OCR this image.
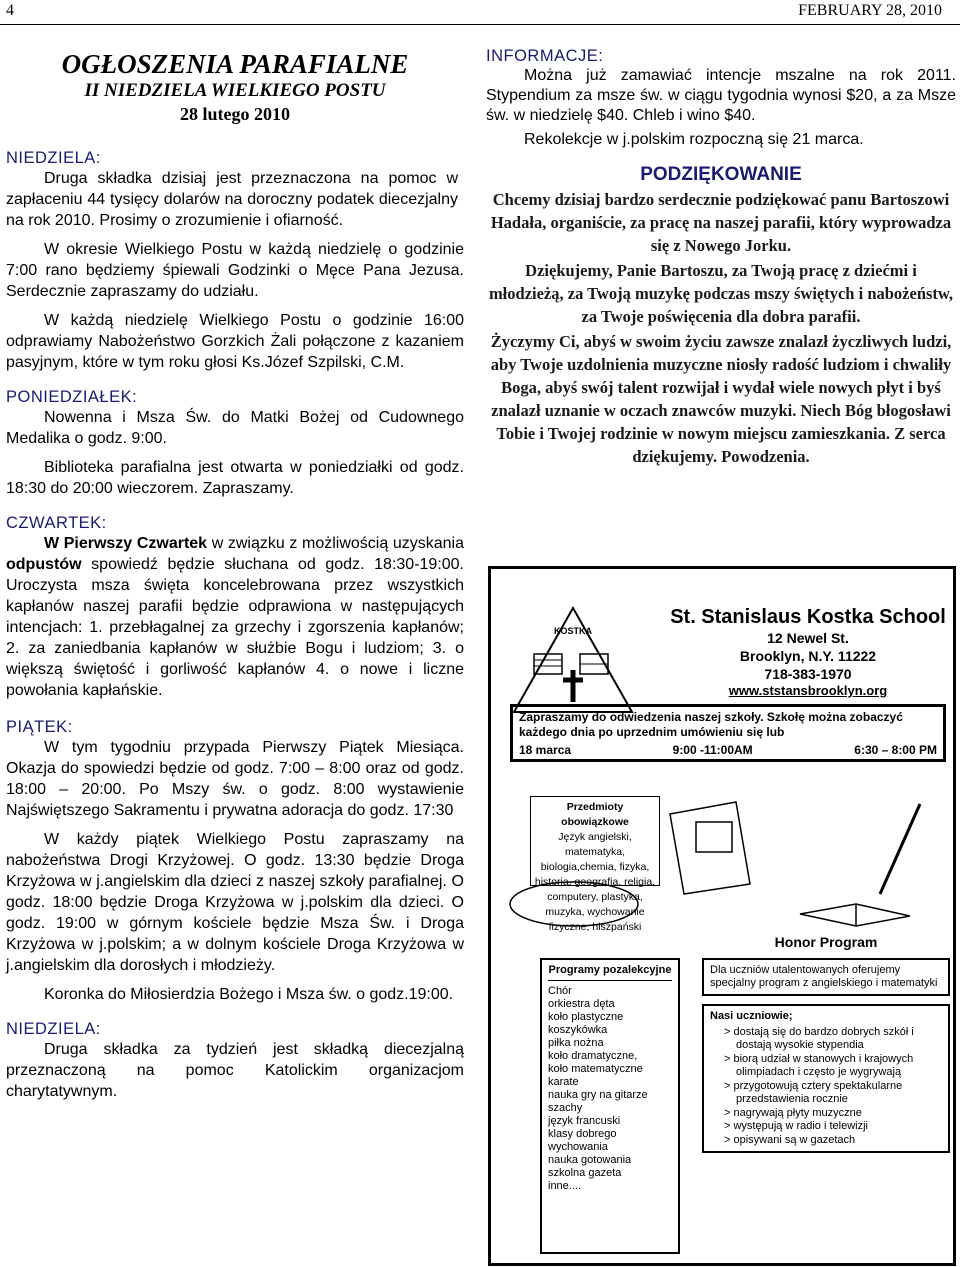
4	FEBRUARY 28, 2010
OGŁOSZENIA PARAFIALNE
II NIEDZIELA WIELKIEGO POSTU
28 lutego 2010
NIEDZIELA:

Druga składka dzisiaj jest przeznaczona na pomoc w zapłaceniu 44 tysięcy dolarów na doroczny podatek diecezjalny na rok 2010. Prosimy o zrozumienie i ofiarność.

W okresie Wielkiego Postu w każdą niedzielę o godzinie 7:00 rano będziemy śpiewali Godzinki o Męce Pana Jezusa. Serdecznie zapraszamy do udziału.

W każdą niedzielę Wielkiego Postu o godzinie 16:00 odprawiamy Nabożeństwo Gorzkich Żali połączone z kazaniem pasyjnym, które w tym roku głosi Ks.Józef Szpilski, C.M.

PONIEDZIAŁEK:

Nowenna i Msza Św. do Matki Bożej od Cudownego Medalika o godz. 9:00.

Biblioteka parafialna jest otwarta w poniedziałki od godz. 18:30 do 20:00 wieczorem. Zapraszamy.

CZWARTEK:

W Pierwszy Czwartek w związku z możliwością uzyskania odpustów spowiedź będzie słuchana od godz. 18:30-19:00. Uroczysta msza święta koncelebrowana przez wszystkich kapłanów naszej parafii będzie odprawiona w następujących intencjach: 1. przebłagalnej za grzechy i zgorszenia kapłanów; 2. za zaniedbania kapłanów w służbie Bogu i ludziom; 3. o większą świętość i gorliwość kapłanów 4. o nowe i liczne powołania kapłańskie.

PIĄTEK:

W tym tygodniu przypada Pierwszy Piątek Miesiąca. Okazja do spowiedzi będzie od godz. 7:00 – 8:00 oraz od godz. 18:00 – 20:00. Po Mszy św. o godz. 8:00 wystawienie Najświętszego Sakramentu i prywatna adoracja do godz. 17:30

W każdy piątek Wielkiego Postu zapraszamy na nabożeństwa Drogi Krzyżowej. O godz. 13:30 będzie Droga Krzyżowa w j.angielskim dla dzieci z naszej szkoły parafialnej. O godz. 18:00 będzie Droga Krzyżowa w j.polskim dla dzieci. O godz. 19:00 w górnym kościele będzie Msza Św. i Droga Krzyżowa w j.polskim; a w dolnym kościele Droga Krzyżowa w j.angielskim dla dorosłych i młodzieży.

Koronka do Miłosierdzia Bożego i Msza św. o godz.19:00.

NIEDZIELA:

Druga składka za tydzień jest składką diecezjalną przeznaczoną na pomoc Katolickim organizacjom charytatywnym.

INFORMACJE:

Można już zamawiać intencje mszalne na rok 2011. Stypendium za msze św. w ciągu tygodnia wynosi $20, a za Msze św. w niedzielę $40. Chleb i wino $40.

Rekolekcje w j.polskim rozpoczną się 21 marca.

PODZIĘKOWANIE
Chcemy dzisiaj bardzo serdecznie podziękować panu Bartoszowi Hadała, organiście, za pracę na naszej parafii, który wyprowadza się z Nowego Jorku.
Dziękujemy, Panie Bartoszu, za Twoją pracę z dziećmi i młodzieżą, za Twoją muzykę podczas mszy świętych i nabożeństw, za Twoje poświęcenia dla dobra parafii.
Życzymy Ci, abyś w swoim życiu zawsze znalazł życzliwych ludzi, aby Twoje uzdolnienia muzyczne niosły radość ludziom i chwaliły Boga, abyś swój talent rozwijał i wydał wiele nowych płyt i byś znalazł uznanie w oczach znawców muzyki. Niech Bóg błogosławi Tobie i Twojej rodzinie w nowym miejscu zamieszkania. Z serca dziękujemy. Powodzenia.
KOSTKA
St. Stanislaus Kostka School
12 Newel St.
Brooklyn, N.Y. 11222
718-383-1970
www.ststansbrooklyn.org
Zapraszamy do odwiedzenia naszej szkoły. Szkołę można zobaczyć każdego dnia po uprzednim umówieniu się lub
18 marca	9:00 -11:00AM	6:30 – 8:00 PM
Przedmioty obowiązkowe
Język angielski, matematyka, biologia,chemia, fizyka, historia, geografia, religia, computery, plastyka, muzyka, wychowanie fizyczne, hiszpański
Programy pozalekcyjne
Chór
orkiestra dęta
koło plastyczne
koszykówka
piłka nożna
koło dramatyczne,
koło matematyczne
karate
nauka gry na gitarze
szachy
język francuski
klasy dobrego wychowania
nauka gotowania
szkolna gazeta
inne....
Honor Program
Dla uczniów utalentowanych oferujemy specjalny program z angielskiego i matematyki
Nasi uczniowie;
> dostają się do bardzo dobrych szkół i dostają wysokie stypendia
> biorą udział w stanowych i krajowych olimpiadach i często je wygrywają
> przygotowują cztery spektakularne przedstawienia rocznie
> nagrywają płyty muzyczne
> występują w radio i telewizji
> opisywani są w gazetach
